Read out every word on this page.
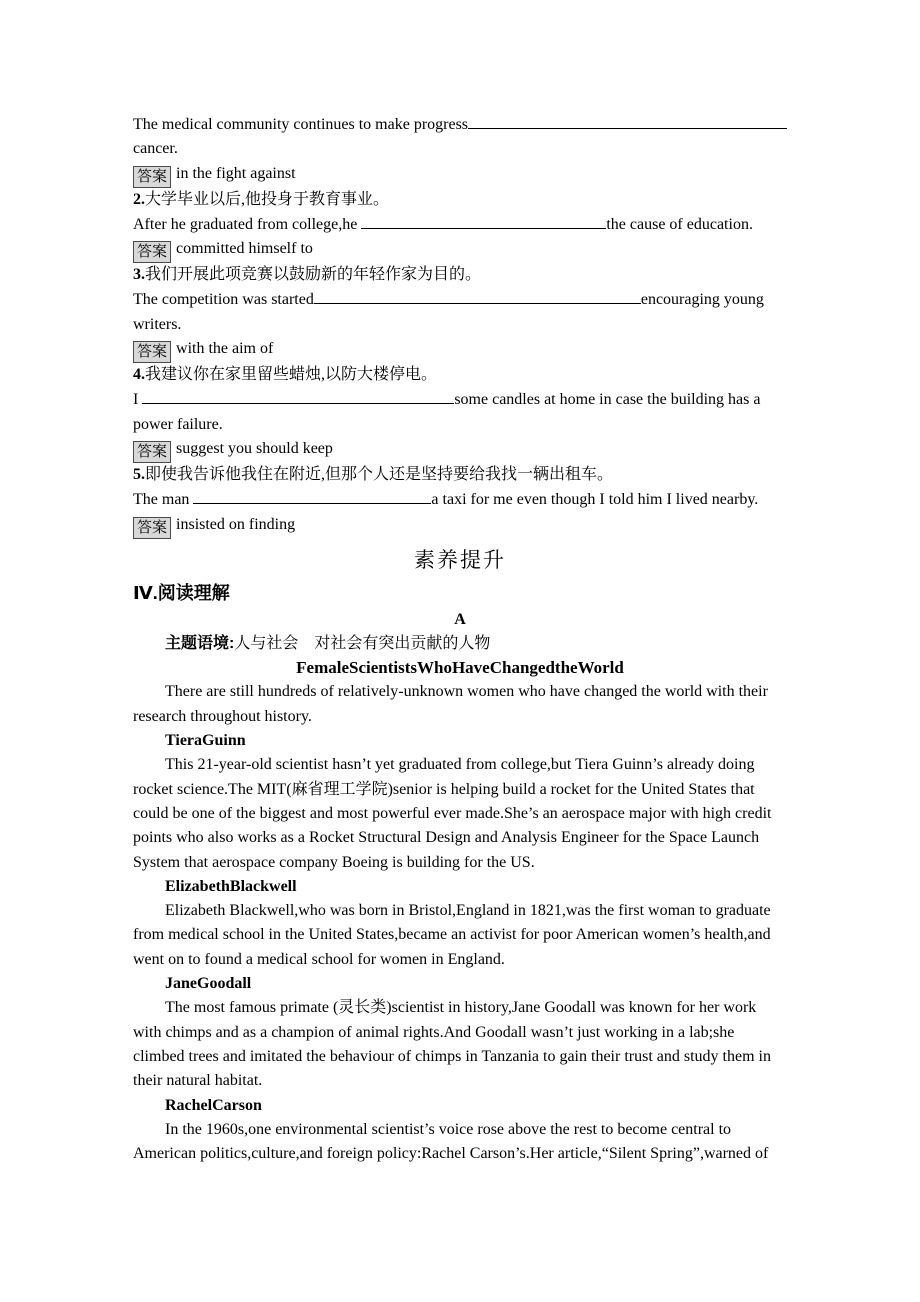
The medical community continues to make progress
cancer.
答案 in the fight against
2.大学毕业以后,他投身于教育事业。
After he graduated from college,he	the cause of education.
答案 committed himself to
3.我们开展此项竞赛以鼓励新的年轻作家为目的。
The competition was started	encouraging young writers.
答案 with the aim of
4.我建议你在家里留些蜡烛,以防大楼停电。
I	some candles at home in case the building has a power failure.
答案 suggest you should keep
5.即使我告诉他我住在附近,但那个人还是坚持要给我找一辆出租车。
The man	a taxi for me even though I told him I lived nearby.
答案 insisted on finding
素养提升
Ⅳ.阅读理解
A
主题语境:人与社会　对社会有突出贡献的人物
FemaleScientistsWhoHaveChangedtheWorld
There are still hundreds of relatively-unknown women who have changed the world with their research throughout history.
TieraGuinn
This 21-year-old scientist hasn’t yet graduated from college,but Tiera Guinn’s already doing rocket science.The MIT(麻省理工学院)senior is helping build a rocket for the United States that could be one of the biggest and most powerful ever made.She’s an aerospace major with high credit points who also works as a Rocket Structural Design and Analysis Engineer for the Space Launch System that aerospace company Boeing is building for the US.
ElizabethBlackwell
Elizabeth Blackwell,who was born in Bristol,England in 1821,was the first woman to graduate from medical school in the United States,became an activist for poor American women’s health,and went on to found a medical school for women in England.
JaneGoodall
The most famous primate (灵长类)scientist in history,Jane Goodall was known for her work with chimps and as a champion of animal rights.And Goodall wasn’t just working in a lab;she climbed trees and imitated the behaviour of chimps in Tanzania to gain their trust and study them in their natural habitat.
RachelCarson
In the 1960s,one environmental scientist’s voice rose above the rest to become central to American politics,culture,and foreign policy:Rachel Carson’s.Her article,“Silent Spring”,warned of
